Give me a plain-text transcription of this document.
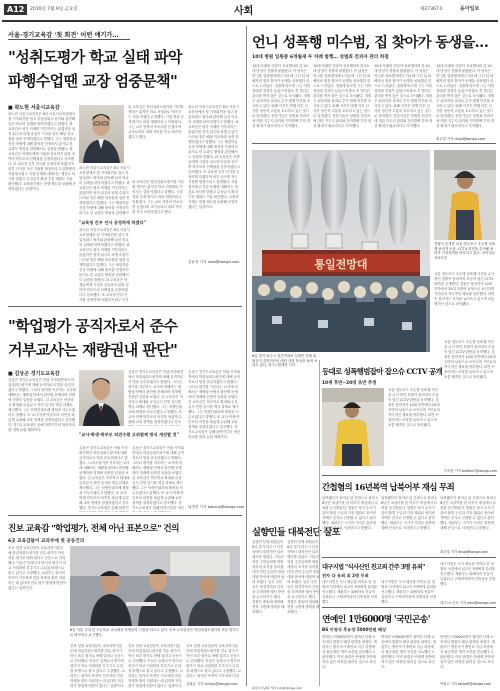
A12	2010년 7월 9일 금요일	사회	제27367호	동아일보
서울·경기교육감 '첫 회견' 어떤 얘기가…
"성취도평가 학교 실태 파악
파행수업땐 교장 엄중문책"
■ 곽노현 서울시교육감
곽노현 서울시교육감은 8일 서울시교육청에서 첫 기자회견을 열고 학업성취도 평가와 관련해 일선 학교의 실태를 파악하겠다고 밝혔다. 곽 교육감은 평가 자체를 거부하지는 않겠지만 성적 위주의 파행 수업이 드러날 경우 해당 학교장을 엄중 문책하겠다고 말했다. 그는 체험학습 신청 학생에 대해 출석을 인정하지 않기로 한 교과부 방침과 관련해서도 입장을 밝혔다. 곽 교육감은 학생들에게 시험을 강요하지 않을 것이며 학부모의 선택권을 존중하겠다고 강조했다. 또 교육청 간부 인사를 공정하게 하겠다며 외부 인사를 적극 기용할 방침이라고 설명했다. 자율형사립고 지정 문제에 대해서는 재검토 의사를 밝혔고 무상급식 확대 추진 계획도 거듭 확인했다. 교원평가제는 현행 제도를 보완해 운영하겠다는 입장이다.
곽 교육감은 학업성취도평가를 거부할 생각은 없지만 학교 서열화로 이어지는 것을 막겠다고 말했다. 시험 결과 공개 방식도 바꿀 계획이라고 덧붙였다. 그는 교육 현장의 목소리를 듣겠다며 교사들과의 대화 자리를 자주 마련하겠다고 했다.
곽노현 서울시교육감은 8일 서울시교육청에서 첫 기자회견을 열고 학업성취도 평가와 관련해 일선 학교의 실태를 파악하겠다고 밝혔다. 곽 교육감은 평가 자체를 거부하지는 않겠지만 성적 위주의 파행 수업이 드러날 경우 해당 학교장을 엄중 문책하겠다고 말했다. 그는 체험학습 신청 학생에 대해 출석을 인정하지 않기로 한 교과부 방침과 관련해서
"교육청 간부 인사 공정하게 하겠다"
곽노현 서울시교육감은 8일 서울시교육청에서 첫 기자회견을 열고 학업성취도 평가와 관련해 일선 학교의 실태를 파악하겠다고 밝혔다. 곽 교육감은 평가 자체를 거부하지는 않겠지만 성적 위주의 파행 수업이 드러날 경우 해당 학교장을 엄중 문책하겠다고 말했다. 그는 체험학습 신청 학생에 대해 출석을 인정하지 않기로 한 교과부 방침과 관련해서도 입장을 밝혔다. 곽 교육감은 학생들에게 시험을 강요하지 않을 것이며 학부모의 선택권을 존중하겠다고 강조했다. 또 교육청 간부 인사를 공정하게 하겠다며 외부 인사
곽 교육감은 학업성취도평가를 거부할 생각은 없지만 학교 서열화로 이어지는 것을 막겠다고 말했다. 시험 결과 공개 방식도 바꿀 계획이라고 덧붙였다. 그는 교육 현장의 목소리를 듣겠다며 교사들과의 대화 자리를 자주 마련하겠다고 했다.
곽노현 서울시교육감은 8일 서울시교육청에서 첫 기자회견을 열고 학업성취도 평가와 관련해 일선 학교의 실태를 파악하겠다고 밝혔다. 곽 교육감은 평가 자체를 거부하지는 않겠지만 성적 위주의 파행 수업이 드러날 경우 해당 학교장을 엄중 문책하겠다고 말했다. 그는 체험학습 신청 학생에 대해 출석을 인정하지 않기로 한 교과부 방침과 관련해서도 입장을 밝혔다. 곽 교육감은 학생들에게 시험을 강요하지 않을 것이며 학부모의 선택권을 존중하겠다고 강조했다. 또 교육청 간부 인사를 공정하게 하겠다며 외부 인사를 적극 기용할 방침이라고 설명했다. 자율형사립고 지정 문제에 대해서는 재검토 의사를 밝혔고 무상급식 확대 추진 계획도 거듭 확인했다. 교원평가제는 현행 제도를 보완해 운영하겠다는 입장이다.
김윤종 기자 zozo@donga.com
"학업평가 공직자로서 준수
거부교사는 재량권내 판단"
■ 김상곤 경기도교육감
김상곤 경기도교육감은 이날 기자회견에서 학업성취도평가에 대해 공직자로서 법을 준수하겠다고 밝혔다. 그러나 평가를 거부하는 교사에 대해서는 재량권 안에서 판단할 문제라며 징계에 신중한 입장을 보였다. 김 교육감은 혁신학교 확대와 무상급식 전면 실시를 핵심 과제로 제시했다. 그는 학생인권조례 제정을 서두르겠다고 말했다. 또 교사·학생·학부모의 의견을 폭넓게 수렴해 교육 정책을 결정하겠다고 강조했다. 경기도교육청은 올해 하반기부터 혁신학교를 대폭 늘릴 계획이다.
김상곤 경기도교육감은 이날 기자회견에서 학업성취도평가에 대해 공직자로서 법을 준수하겠다고 밝혔다. 그러나 평가를 거부하는 교사에 대해서는 재량권 안에서 판단할 문제라며 징계에 신중한 입장을 보였다. 김 교육감은 혁신학교 확대와 무상급식 전면 실시를 핵심 과제로 제시했다. 그는 학생인권조례 제정을 서두르겠다고 말했다. 또 교사·학생·학부모의 의견을 폭넓게 수렴해 교육 정책을 결정하겠다고 강조
"교사·학생·학부모 의견수렴 고위험제 방식 개선할 것"
김상곤 경기도교육감은 이날 기자회견에서 학업성취도평가에 대해 공직자로서 법을 준수하겠다고 밝혔다. 그러나 평가를 거부하는 교사에 대해서는 재량권 안에서 판단할 문제라며 징계에 신중한 입장을 보였다. 김 교육감은 혁신학교 확대와 무상급식 전면 실시를 핵심 과제로 제시했다. 그는 학생인권조례 제정을 서두르겠다고 말했다. 또 교사·학생·학부모의 의견을 폭넓게 수렴해 교육 정책을 결정하겠다고 강조했다. 경기도교육청은 올해 하반기
김상곤 경기도교육감은 이날 기자회견에서 학업성취도평가에 대해 공직자로서 법을 준수하겠다고 밝혔다. 그러나 평가를 거부하는 교사에 대해서는 재량권 안에서 판단할 문제라며 징계에 신중한 입장을 보였다. 김 교육감은 혁신학교 확대와 무상급식 전면 실시를 핵심 과제로 제시했다. 그는 학생인권조례 제정을 서두르겠다고 말했다. 또 교사·학생·학부모의 의견을 폭넓게 수렴해 교육 정책을 결정하겠다고 강조했다. 경기도교육청은 올해 하반기부터 혁신
김상곤 경기도교육감은 이날 기자회견에서 학업성취도평가에 대해 공직자로서 법을 준수하겠다고 밝혔다. 그러나 평가를 거부하는 교사에 대해서는 재량권 안에서 판단할 문제라며 징계에 신중한 입장을 보였다. 김 교육감은 혁신학교 확대와 무상급식 전면 실시를 핵심 과제로 제시했다. 그는 학생인권조례 제정을 서두르겠다고 말했다. 또 교사·학생·학부모의 의견을 폭넓게 수렴해 교육 정책을 결정하겠다고 강조했다. 경기도교육청은 올해 하반기부터 혁신학교를 대폭 늘릴 계획이다.
남경현 기자 bibulus@donga.com
진보 교육감 "학업평가, 전체 아닌 표본으로" 건의
6곳 교육감들이 교과부에 첫 공동건의
진보 성향 교육감들이 교육과학기술부에 학업성취도평가를 전수 평가가 아닌 표본 평가로 바꿔 달라고 공동으로 건의했다. 이들은 일제고사 방식의 평가가 학교 서열화를 부추기고 수업을 파행으로 몰고 있다고 주장했다. 교과부는 평가의 목적이 기초학력 미달 학생을 찾아 지원하는 데 있다며 전수 평가 방침에 변함이 없다는 입장이다.
6일 서울 시내 한 고등학교 교실에서 학생들이 시험을 치르고 있다. 진보 교육감들은 학업성취도평가를 표본 방식으로 바꾸라고 요구했다.
진보 성향 교육감들이 교육과학기술부에 학업성취도평가를 전수 평가가 아닌 표본 평가로 바꿔 달라고 공동으로 건의했다. 이들은 일제고사 방식의 평가가 학교 서열화를 부추기고 수업을 파행으로 몰고 있다고 주장했다. 교과부는 평가의 목적이 기초학력 미달 학생을 찾아 지원하는 데 있다며 전수 평가 방침에 변함이 없다는 입장이다.
진보 성향 교육감들이 교육과학기술부에 학업성취도평가를 전수 평가가 아닌 표본 평가로 바꿔 달라고 공동으로 건의했다. 이들은 일제고사 방식의 평가가 학교 서열화를 부추기고 수업을 파행으로 몰고 있다고 주장했다. 교과부는 평가의 목적이 기초학력 미달 학생을 찾아 지원하는 데 있다며 전수 평가 방침에 변함이 없다는 입장이다.
진보 성향 교육감들이 교육과학기술부에 학업성취도평가를 전수 평가가 아닌 표본 평가로 바꿔 달라고 공동으로 건의했다. 이들은 일제고사 방식의 평가가 학교 서열화를 부추기고 수업을 파행으로 몰고 있다고 주장했다. 교과부는 평가의 목적이 기초학력 미달
김희균 기자 foryou@donga.com
언니 성폭행 미수범, 집 찾아가 동생을…
10대 병원 입원중 6개월새 두 차례 범행… 성범죄 전과자 관리 허점
10대 자매를 잇달아 성폭행하려 한 20대 남성이 경찰에 붙잡혔다. 이 남성은 언니를 성폭행하려다 미수에 그친 뒤 피해자의 집을 찾아가 동생을 성폭행한 것으로 드러났다. 경찰에 따르면 그는 이미 성범죄 전과가 있었으며 출소 후 별다른 관리를 받지 않은 것으로 조사됐다. 경찰은 피의자를 상대로 추가 범행 여부를 조사하고 있다. 피해 가족은 범행 이후 심각한 정신적 고통을 호소하고 있는 것으로 알려졌다. 전문가들은 성범죄 전과자에 대한 거주지 관리와 전자발찌 부착 대상 확대가 필요하다고 지적했다.
10대 자매를 잇달아 성폭행하려 한 20대 남성이 경찰에 붙잡혔다. 이 남성은 언니를 성폭행하려다 미수에 그친 뒤 피해자의 집을 찾아가 동생을 성폭행한 것으로 드러났다. 경찰에 따르면 그는 이미 성범죄 전과가 있었으며 출소 후 별다른 관리를 받지 않은 것으로 조사됐다. 경찰은 피의자를 상대로 추가 범행 여부를 조사하고 있다. 피해 가족은 범행 이후 심각한 정신적 고통을 호소하고 있는 것으로 알려졌다. 전문가들은 성범죄 전과자에 대한 거주지 관리와 전자발찌 부착 대상 확대가 필요하다고 지적했다.
10대 자매를 잇달아 성폭행하려 한 20대 남성이 경찰에 붙잡혔다. 이 남성은 언니를 성폭행하려다 미수에 그친 뒤 피해자의 집을 찾아가 동생을 성폭행한 것으로 드러났다. 경찰에 따르면 그는 이미 성범죄 전과가 있었으며 출소 후 별다른 관리를 받지 않은 것으로 조사됐다. 경찰은 피의자를 상대로 추가 범행 여부를 조사하고 있다. 피해 가족은 범행 이후 심각한 정신적 고통을 호소하고 있는 것으로 알려졌다. 전문가들은 성범죄 전과자에 대한 거주지 관리와 전자발찌 부착 대상 확대가 필요하다고 지적했다.
10대 자매를 잇달아 성폭행하려 한 20대 남성이 경찰에 붙잡혔다. 이 남성은 언니를 성폭행하려다 미수에 그친 뒤 피해자의 집을 찾아가 동생을 성폭행한 것으로 드러났다. 경찰에 따르면 그는 이미 성범죄 전과가 있었으며 출소 후 별다른 관리를 받지 않은 것으로 조사됐다. 경찰은 피의자를 상대로 추가 범행 여부를 조사하고 있다. 피해 가족은 범행 이후 심각한 정신적 고통을 호소하고 있는 것으로 알려졌다. 전문가들은 성범죄 전과자에 대한 거주지 관리와 전자발찌 부착 대상 확대가 필요하다고 지적했다.
최우열 기자 dnsp@donga.com
통일전망대
등대로 성폭행범잡아 잡으슈 CCTV 공개
10세 후반~20대 초반 추정
경찰이 공개한 서울 영등포구 초등생 성폭행 용의자 모습. CCTV 화면을 분석해 용의자 인상착의를 파악하고 있다. 동아일보 자료사진
서울 영등포구 초등생 성폭행 사건을 수사 중인 경찰이 용의자의 모습이 담긴 CCTV 화면을 공개했다. 경찰은 용의자가 10대 후반에서 20대 초반의 남성으로 보인다며 시민들의 적극적인 제보를 당부했다. 화면 속 용의자는 모자를 눌러쓰고 있으며 보통 체격인 것으로 파악됐다.
서울 영등포구 초등생 성폭행 사건을 수사 중인 경찰이 용의자의 모습이 담긴 CCTV 화면을 공개했다. 경찰은 용의자가 10대 후반에서 20대 초반의 남성으로 보인다며 시민들의 적극적인 제보를 당부했다. 화면 속 용의자는 모자를 눌러쓰고 있으며 보통 체격인 것으로 파악됐다.
서울 영등포구 초등생 성폭행 사건을 수사 중인 경찰이 용의자의 모습이 담긴 CCTV 화면을 공개했다. 경찰은 용의자가 10대 후반에서 20대 초반의 남성으로 보인다며 시민들의 적극적인 제보를 당부했다. 화면 속 용의자는 모자를 눌러쓰고 있으며 보통 체격인 것으로 파악됐다.
이서현 기자 baltika7@donga.com
간첩혐의 16년복역 납북어부 재심 무죄
납북됐다가 돌아온 뒤 간첩으로 몰려 16년간 옥살이를 한 어부가 재심에서 무죄를 선고받았다. 법원은 당시 수사기관의 불법 구금과 가혹 행위로 얻어낸 자백은 증거로 인정할 수 없다고 판단했다. 재판부는 국가가 저지른 잘못에 대해 진심으로 사과한다고 밝혔다.
납북됐다가 돌아온 뒤 간첩으로 몰려 16년간 옥살이를 한 어부가 재심에서 무죄를 선고받았다. 법원은 당시 수사기관의 불법 구금과 가혹 행위로 얻어낸 자백은 증거로 인정할 수 없다고 판단했다. 재판부는 국가가 저지른 잘못에 대해 진심으로 사과한다고 밝혔다.
납북됐다가 돌아온 뒤 간첩으로 몰려 16년간 옥살이를 한 어부가 재심에서 무죄를 선고받았다. 법원은 당시 수사기관의 불법 구금과 가혹 행위로 얻어낸 자백은 증거로 인정할 수 없다고 판단했다. 재판부는 국가가 저지른 잘못에 대해 진심으로 사과한다고 밝혔다.
최우열 기자 dnsp@donga.com
대구지법 "식사신인 친고죄 간주 3명 유죄"
전자 다 유죄 외 2명 무죄
대구지법은 식사 제공을 미끼로 한 성범죄 사건에서 피고인 3명에게 유죄를 선고했다. 재판부는 피해자의 진술이 일관되고 구체적이라며 신빙성을 인정했다.
대구지법은 식사 제공을 미끼로 한 성범죄 사건에서 피고인 3명에게 유죄를 선고했다. 재판부는 피해자의 진술이 일관되고 구체적이라며 신빙성을 인정했다.
대구지법은 식사 제공을 미끼로 한 성범죄 사건에서 피고인 3명에게 유죄를 선고했다. 재판부는 피해자의 진술이 일관되고 구체적이라며 신빙성을 인정했다.
대구=노인호 기자 inho@donga.com
연예인 1만6000명 '국민곤송'
BS 이영식 후유장 5000만원 배상
연예인 1만6000명이 참여한 단체 소송에서 법원이 배상 판결을 내렸다. 재판부는 방송사가 출연료 지급 과정에서 불공정한 계약 조건을 강요했다고 판단했다. 이번 판결은 연예계 전반에 적지 않은 파장을 불러올 것으로 보인다.
연예인 1만6000명이 참여한 단체 소송에서 법원이 배상 판결을 내렸다. 재판부는 방송사가 출연료 지급 과정에서 불공정한 계약 조건을 강요했다고 판단했다. 이번 판결은 연예계 전반에 적지 않은 파장을 불러올 것으로 보인다.
연예인 1만6000명이 참여한 단체 소송에서 법원이 배상 판결을 내렸다. 재판부는 방송사가 출연료 지급 과정에서 불공정한 계약 조건을 강요했다고 판단했다. 이번 판결은 연예계 전반에 적지 않은 파장을 불러올 것으로 보인다.
이원주 기자 takeoff@donga.com
8일 경기 파주시 임진각에서 실향민 단체 회원들이 대북전단을 매단 대형 풍선을 날려 보내고 있다. 파주=원대연 기자
실향민들 대북전단 살포
실향민 단체 회원들이 8일 경기 파주시 임진각에서 대북전단 살포 행사를 열었다. 이들은 북한 주민들에게 바깥세상의 소식을 알리겠다며 전단 수십만 장을 대형 풍선에 매달아 날려 보냈다. 일부 주민들은 접경지역의 긴장을 우려하며 행사 중단을 요구하기도 했다. 경찰은 충돌에 대비해 현장 주변에 병력을 배치했다.
실향민 단체 회원들이 8일 경기 파주시 임진각에서 대북전단 살포 행사를 열었다. 이들은 북한 주민들에게 바깥세상의 소식을 알리겠다며 전단 수십만 장을 대형 풍선에 매달아 날려 보냈다. 일부 주민들은 접경지역의 긴장을 우려하며 행사 중단을 요구하기도 했다. 경찰은 충돌에 대비해 현장 주변에 병력을 배치했다.
파주=이남희 기자 irun@donga.com
